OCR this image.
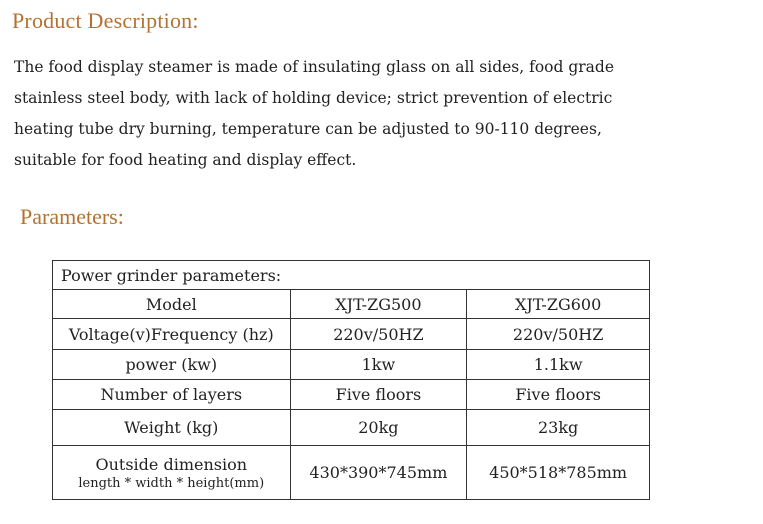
Product Description:

The food display steamer is made of insulating glass on all sides, food grade
stainless steel body, with lack of holding device; strict prevention of electric
heating tube dry burning, temperature can be adjusted to 90-110 degrees,
suitable for food heating and display effect.

Parameters:
Power grinder parameters:		
Model	XJT-ZG500	XJT-ZG600
Voltage(v)Frequency (hz)	220v/50HZ	220v/50HZ
power (kw)	1kw	1.1kw
Number of layers	Five floors	Five floors
Weight (kg)	20kg	23kg
Outside dimension
length * width * height(mm)	430*390*745mm	450*518*785mm
